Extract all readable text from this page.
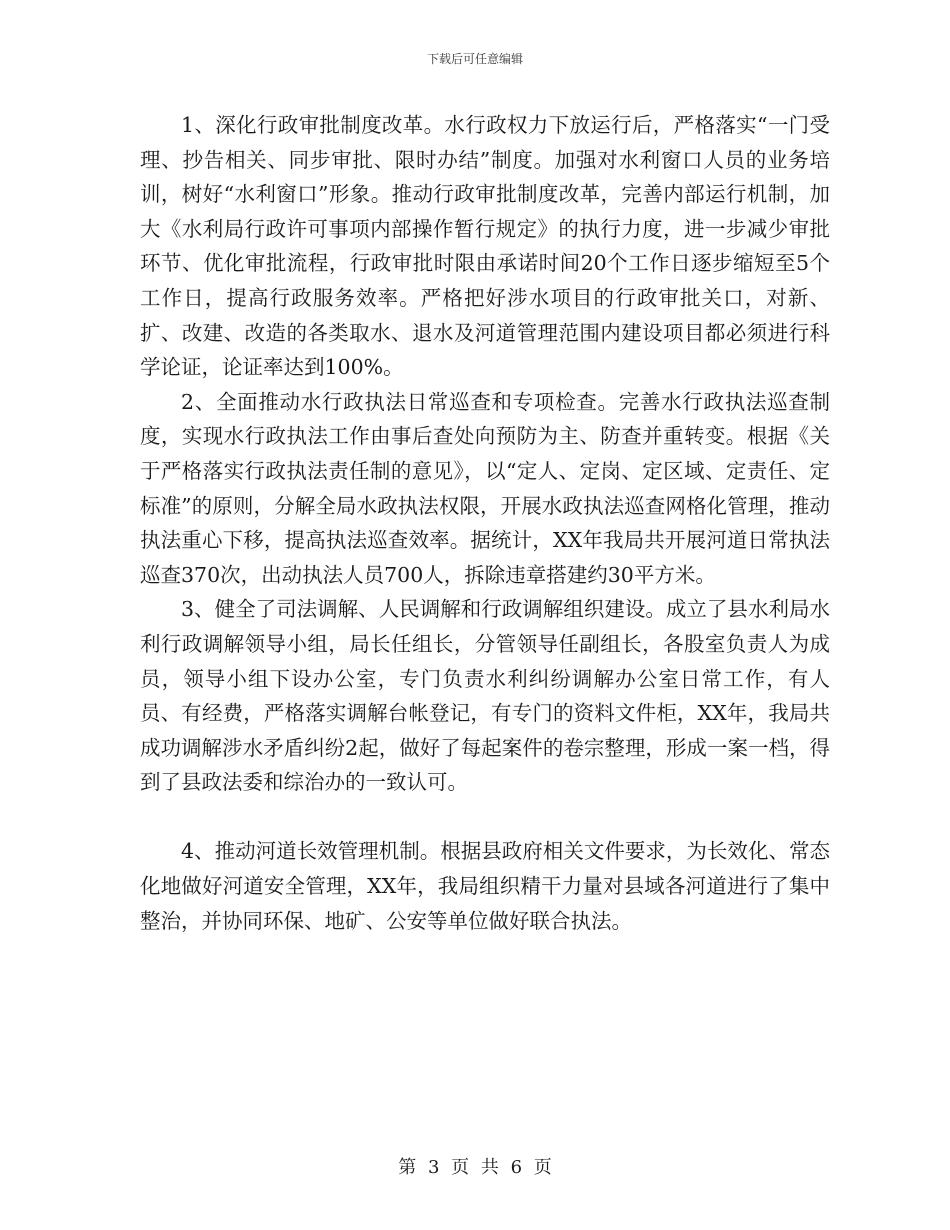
下载后可任意编辑

1、深化行政审批制度改革。水行政权力下放运行后，严格落实“一门受理、抄告相关、同步审批、限时办结”制度。加强对水利窗口人员的业务培训，树好“水利窗口”形象。推动行政审批制度改革，完善内部运行机制，加大《水利局行政许可事项内部操作暂行规定》的执行力度，进一步减少审批环节、优化审批流程，行政审批时限由承诺时间20个工作日逐步缩短至5个工作日，提高行政服务效率。严格把好涉水项目的行政审批关口，对新、扩、改建、改造的各类取水、退水及河道管理范围内建设项目都必须进行科学论证，论证率达到100%。

2、全面推动水行政执法日常巡查和专项检查。完善水行政执法巡查制度，实现水行政执法工作由事后查处向预防为主、防查并重转变。根据《关于严格落实行政执法责任制的意见》，以“定人、定岗、定区域、定责任、定标准”的原则，分解全局水政执法权限，开展水政执法巡查网格化管理，推动执法重心下移，提高执法巡查效率。据统计，XX年我局共开展河道日常执法巡查370次，出动执法人员700人，拆除违章搭建约30平方米。

3、健全了司法调解、人民调解和行政调解组织建设。成立了县水利局水利行政调解领导小组，局长任组长，分管领导任副组长，各股室负责人为成员，领导小组下设办公室，专门负责水利纠纷调解办公室日常工作，有人员、有经费，严格落实调解台帐登记，有专门的资料文件柜，XX年，我局共成功调解涉水矛盾纠纷2起，做好了每起案件的卷宗整理，形成一案一档，得到了县政法委和综治办的一致认可。

4、推动河道长效管理机制。根据县政府相关文件要求，为长效化、常态化地做好河道安全管理，XX年，我局组织精干力量对县域各河道进行了集中整治，并协同环保、地矿、公安等单位做好联合执法。

第 3 页 共 6 页
